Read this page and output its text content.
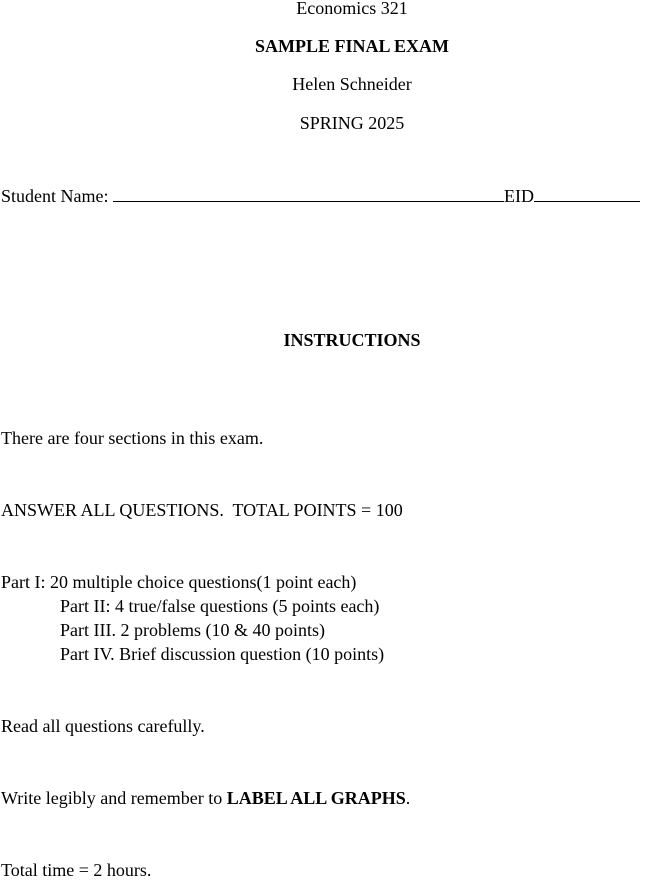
Economics 321
SAMPLE FINAL EXAM
Helen Schneider
SPRING 2025
Student Name:	EID
INSTRUCTIONS
There are four sections in this exam.
ANSWER ALL QUESTIONS.  TOTAL POINTS = 100
Part I: 20 multiple choice questions(1 point each)
Part II: 4 true/false questions (5 points each)
Part III. 2 problems (10 & 40 points)
Part IV. Brief discussion question (10 points)
Read all questions carefully.
Write legibly and remember to LABEL ALL GRAPHS.
Total time = 2 hours.
